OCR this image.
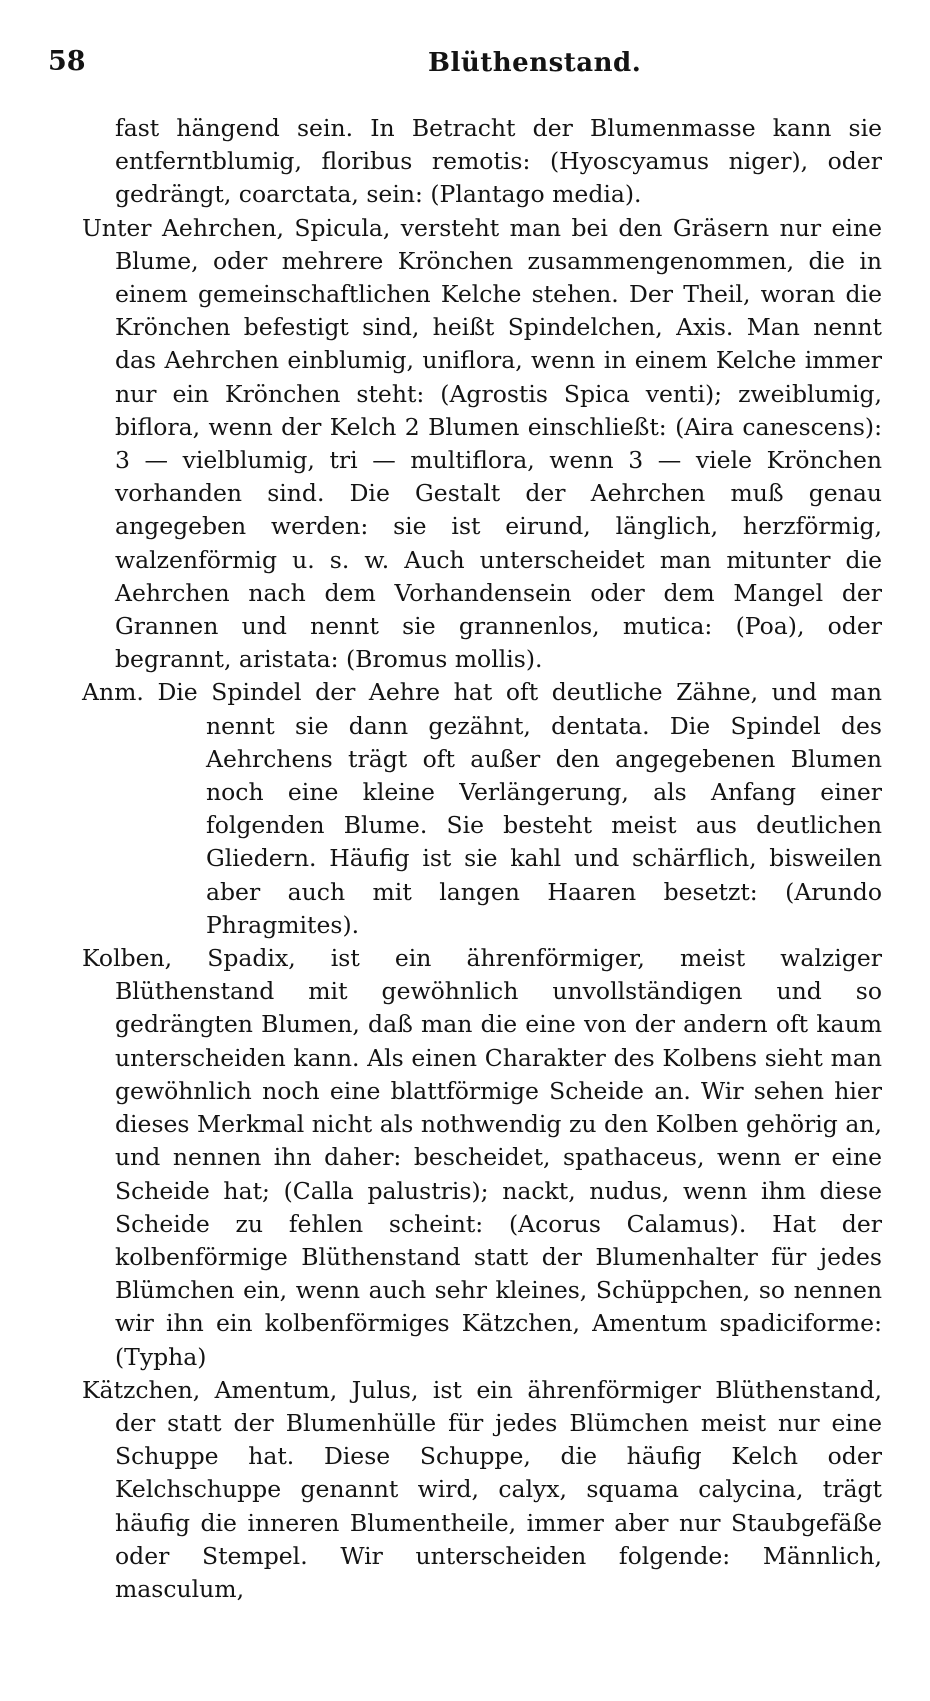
58	Blüthenstand.

fast hängend sein. In Betracht der Blumenmasse kann sie entferntblumig, floribus remotis: (Hyoscyamus niger), oder gedrängt, coarctata, sein: (Plantago media).

Unter Aehrchen, Spicula, versteht man bei den Gräsern nur eine Blume, oder mehrere Krönchen zusammengenommen, die in einem gemeinschaftlichen Kelche stehen. Der Theil, woran die Krönchen befestigt sind, heißt Spindelchen, Axis. Man nennt das Aehrchen einblumig, uniflora, wenn in einem Kelche immer nur ein Krönchen steht: (Agrostis Spica venti); zweiblumig, biflora, wenn der Kelch 2 Blumen einschließt: (Aira canescens): 3 — vielblumig, tri — multiflora, wenn 3 — viele Krönchen vorhanden sind. Die Gestalt der Aehrchen muß genau angegeben werden: sie ist eirund, länglich, herzförmig, walzenförmig u. s. w. Auch unterscheidet man mitunter die Aehrchen nach dem Vorhandensein oder dem Mangel der Grannen und nennt sie grannenlos, mutica: (Poa), oder begrannt, aristata: (Bromus mollis).

Anm. Die Spindel der Aehre hat oft deutliche Zähne, und man nennt sie dann gezähnt, dentata. Die Spindel des Aehrchens trägt oft außer den angegebenen Blumen noch eine kleine Verlängerung, als Anfang einer folgenden Blume. Sie besteht meist aus deutlichen Gliedern. Häufig ist sie kahl und schärflich, bisweilen aber auch mit langen Haaren besetzt: (Arundo Phragmites).

Kolben, Spadix, ist ein ährenförmiger, meist walziger Blüthenstand mit gewöhnlich unvollständigen und so gedrängten Blumen, daß man die eine von der andern oft kaum unterscheiden kann. Als einen Charakter des Kolbens sieht man gewöhnlich noch eine blattförmige Scheide an. Wir sehen hier dieses Merkmal nicht als nothwendig zu den Kolben gehörig an, und nennen ihn daher: bescheidet, spathaceus, wenn er eine Scheide hat; (Calla palustris); nackt, nudus, wenn ihm diese Scheide zu fehlen scheint: (Acorus Calamus). Hat der kolbenförmige Blüthenstand statt der Blumenhalter für jedes Blümchen ein, wenn auch sehr kleines, Schüppchen, so nennen wir ihn ein kolbenförmiges Kätzchen, Amentum spadiciforme: (Typha)

Kätzchen, Amentum, Julus, ist ein ährenförmiger Blüthenstand, der statt der Blumenhülle für jedes Blümchen meist nur eine Schuppe hat. Diese Schuppe, die häufig Kelch oder Kelchschuppe genannt wird, calyx, squama calycina, trägt häufig die inneren Blumentheile, immer aber nur Staubgefäße oder Stempel. Wir unterscheiden folgende: Männlich, masculum,
